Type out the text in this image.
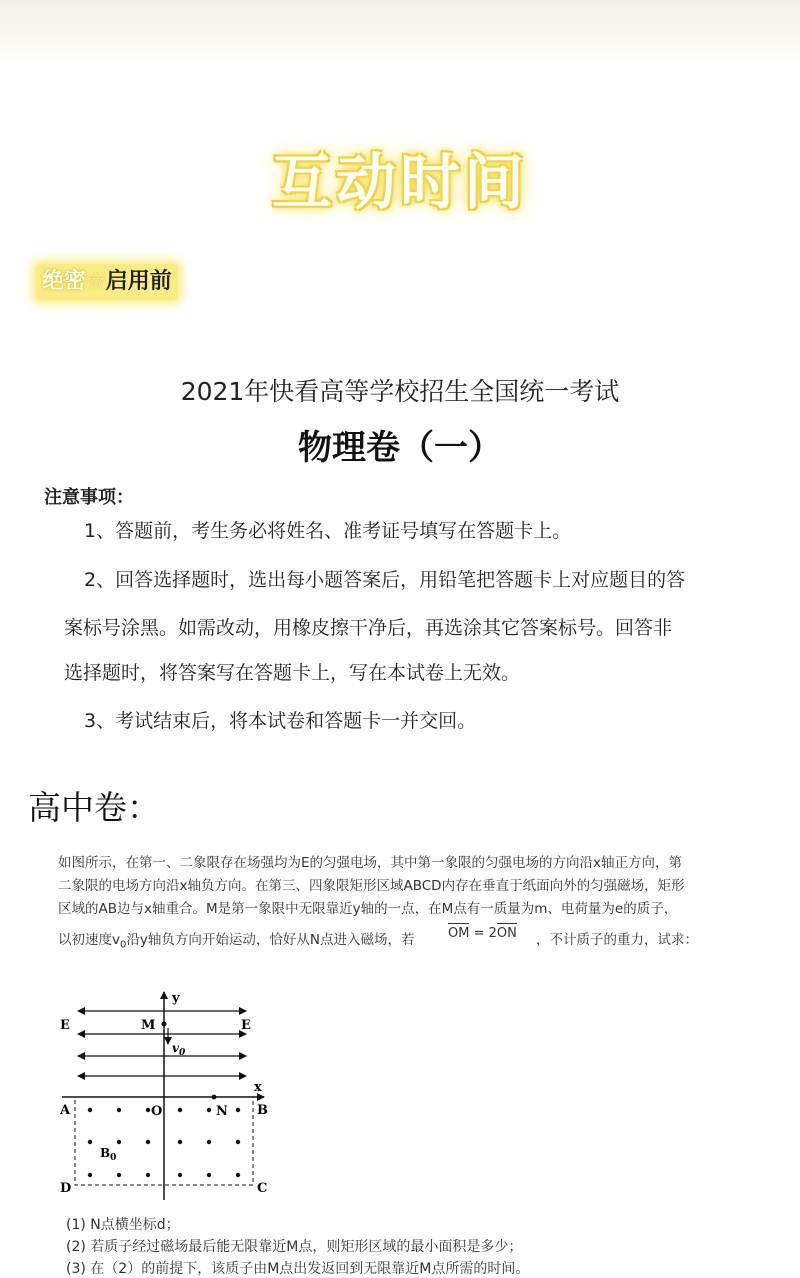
互动时间
绝密☆启用前
2021年快看高等学校招生全国统一考试
物理卷（一）
注意事项：
1、答题前，考生务必将姓名、准考证号填写在答题卡上。
2、回答选择题时，选出每小题答案后，用铅笔把答题卡上对应题目的答
案标号涂黑。如需改动，用橡皮擦干净后，再选涂其它答案标号。回答非
选择题时，将答案写在答题卡上，写在本试卷上无效。
3、考试结束后，将本试卷和答题卡一并交回。
高中卷：
如图所示，在第一、二象限存在场强均为E的匀强电场，其中第一象限的匀强电场的方向沿x轴正方向，第
二象限的电场方向沿x轴负方向。在第三、四象限矩形区域ABCD内存在垂直于纸面向外的匀强磁场，矩形
区域的AB边与x轴重合。M是第一象限中无限靠近y轴的一点，在M点有一质量为m、电荷量为e的质子，
以初速度$v_0$沿y轴负方向开始运动，恰好从N点进入磁场，若	OM = 2
ON ，不计质子的重力，试求：
y
x
E	E
M
$v_0$
A	B
O	N
D	C
$B_0$
(1) N点横坐标d；
(2) 若质子经过磁场最后能无限靠近M点，则矩形区域的最小面积是多少；
(3) 在（2）的前提下，该质子由M点出发返回到无限靠近M点所需的时间。
